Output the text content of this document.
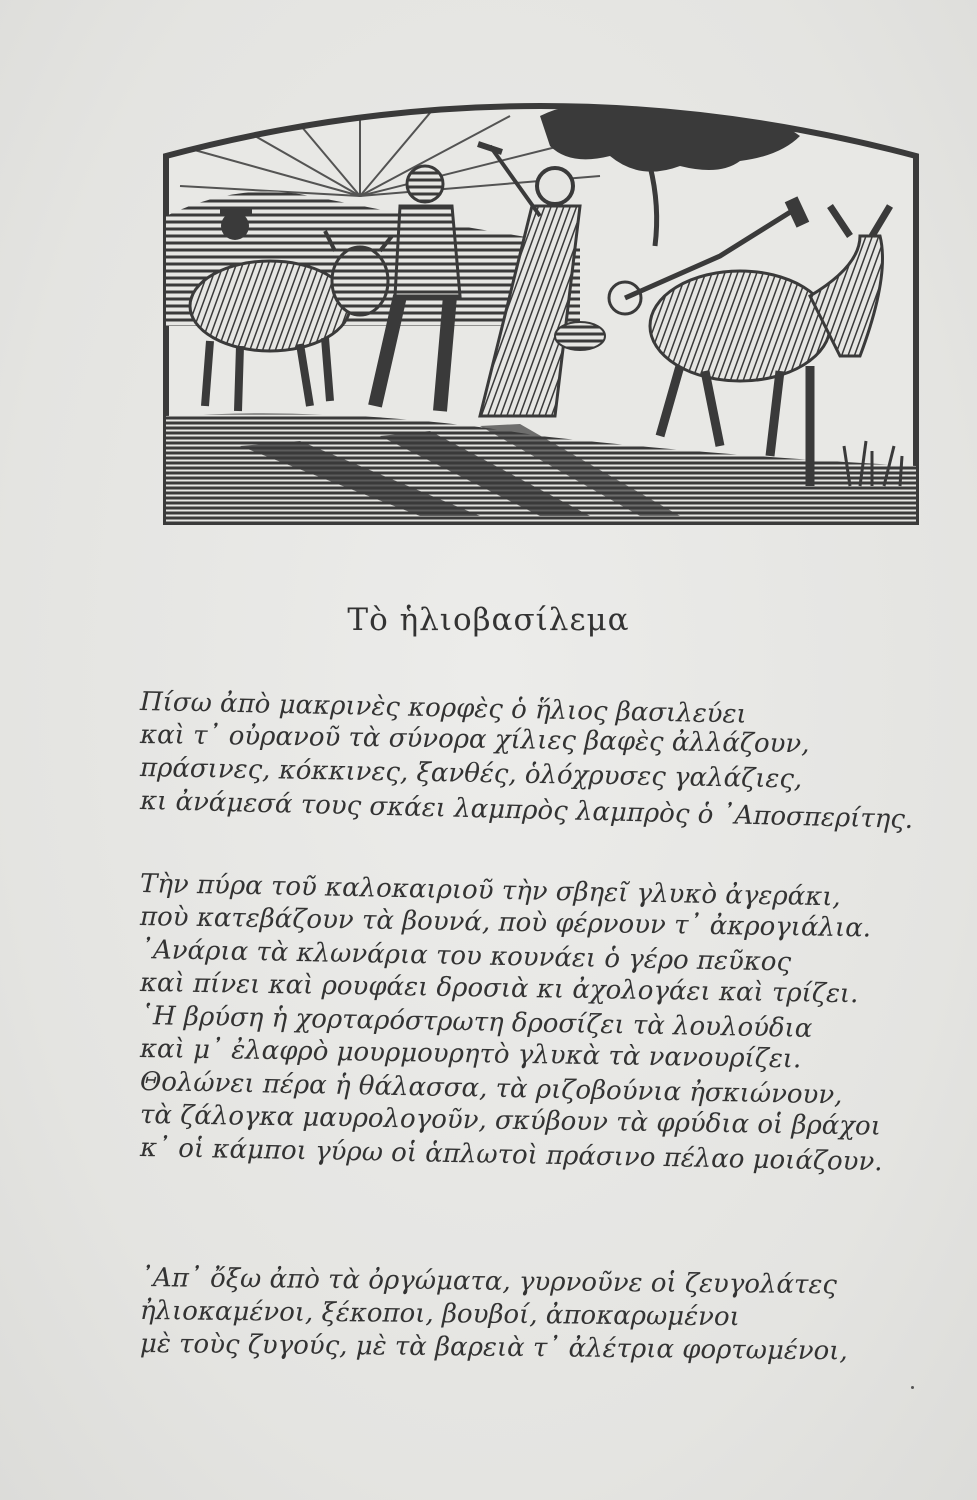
Τὸ ἡλιοβασίλεμα
Πίσω ἀπὸ μακρινὲς κορφὲς ὁ ἥλιος βασιλεύει
καὶ τ᾽ οὐρανοῦ τὰ σύνορα χίλιες βαφὲς ἀλλάζουν,
πράσινες, κόκκινες, ξανθές, ὁλόχρυσες γαλάζιες,
κι ἀνάμεσά τους σκάει λαμπρὸς λαμπρὸς ὁ ᾽Αποσπερίτης.
Τὴν πύρα τοῦ καλοκαιριοῦ τὴν σβηεῖ γλυκὸ ἀγεράκι,
ποὺ κατεβάζουν τὰ βουνά, ποὺ φέρνουν τ᾽ ἀκρογιάλια.
᾽Ανάρια τὰ κλωνάρια του κουνάει ὁ γέρο πεῦκος
καὶ πίνει καὶ ρουφάει δροσιὰ κι ἀχολογάει καὶ τρίζει.
῾Η βρύση ἡ χορταρόστρωτη δροσίζει τὰ λουλούδια
καὶ μ᾽ ἐλαφρὸ μουρμουρητὸ γλυκὰ τὰ νανουρίζει.
Θολώνει πέρα ἡ θάλασσα, τὰ ριζοβούνια ἠσκιώνουν,
τὰ ζάλογκα μαυρολογοῦν, σκύβουν τὰ φρύδια οἱ βράχοι
κ᾽ οἱ κάμποι γύρω οἱ ἁπλωτοὶ πράσινο πέλαο μοιάζουν.
᾽Απ᾽ ὄξω ἀπὸ τὰ ὀργώματα, γυρνοῦνε οἱ ζευγολάτες
ἠλιοκαμένοι, ξέκοποι, βουβοί, ἀποκαρωμένοι
μὲ τοὺς ζυγούς, μὲ τὰ βαρειὰ τ᾽ ἀλέτρια φορτωμένοι,
